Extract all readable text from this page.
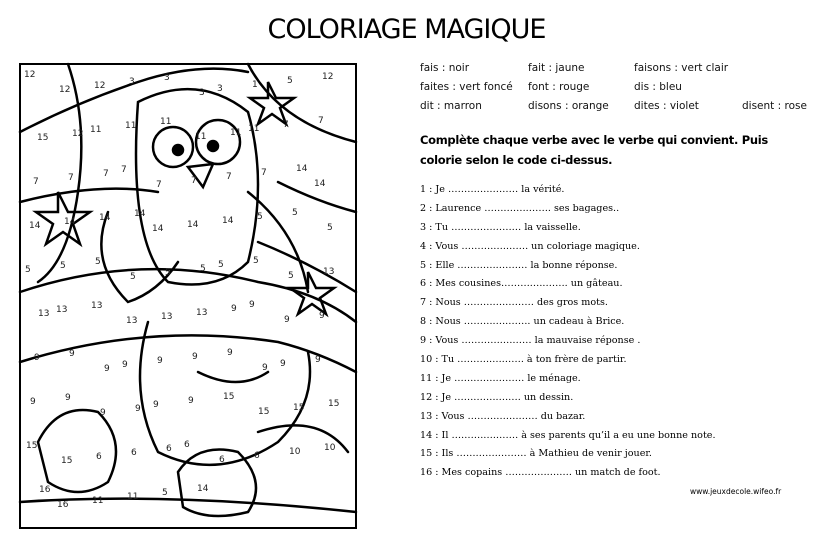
COLORIAGE MAGIQUE
12
12	12	3	3
3 3	1	5	12
15	12 11	11	11
11	11 11	7	7
7	7	7 7
7	7	7	7	14
14
14	14	14	14
14	14	14	5	5
5
5	5	5
5	5	5 5	5
5	13
13 13	13
13	13	13	9 9
9	9
9	9
9 9	9	9	9
9 9	9
9	9
9	9 9	9	15
15	15	15
15
15	6	6	6 6
6	6	10	10
16
16	11	11	5	14
fais : noir	fait : jaune	faisons : vert clair
faites : vert foncé	font : rouge	dis : bleu
dit : marron	disons : orange	dites : violet	disent : rose
Complète chaque verbe avec le verbe qui convient. Puis colorie selon le code ci-dessus.
1 : Je ………….……… la vérité.
2 : Laurence ……….….……. ses bagages..
3 : Tu ………….……… la vaisselle.
4 : Vous ……….….……. un coloriage magique.
5 : Elle ………….……… la bonne réponse.
6 : Mes cousines……….….……. un gâteau.
7 : Nous ………….……… des gros mots.
8 : Nous ……….….……. un cadeau à Brice.
9 : Vous ………….……… la mauvaise réponse .
10 : Tu ……….….……. à ton frère de partir.
11 : Je ………….……… le ménage.
12 : Je ……….….……. un dessin.
13 : Vous ………….……… du bazar.
14 : Il ……….….……. à ses parents qu’il a eu une bonne note.
15 : Ils ………….……… à Mathieu de venir jouer.
16 : Mes copains ……….….……. un match de foot.
www.jeuxdecole.wifeo.fr
